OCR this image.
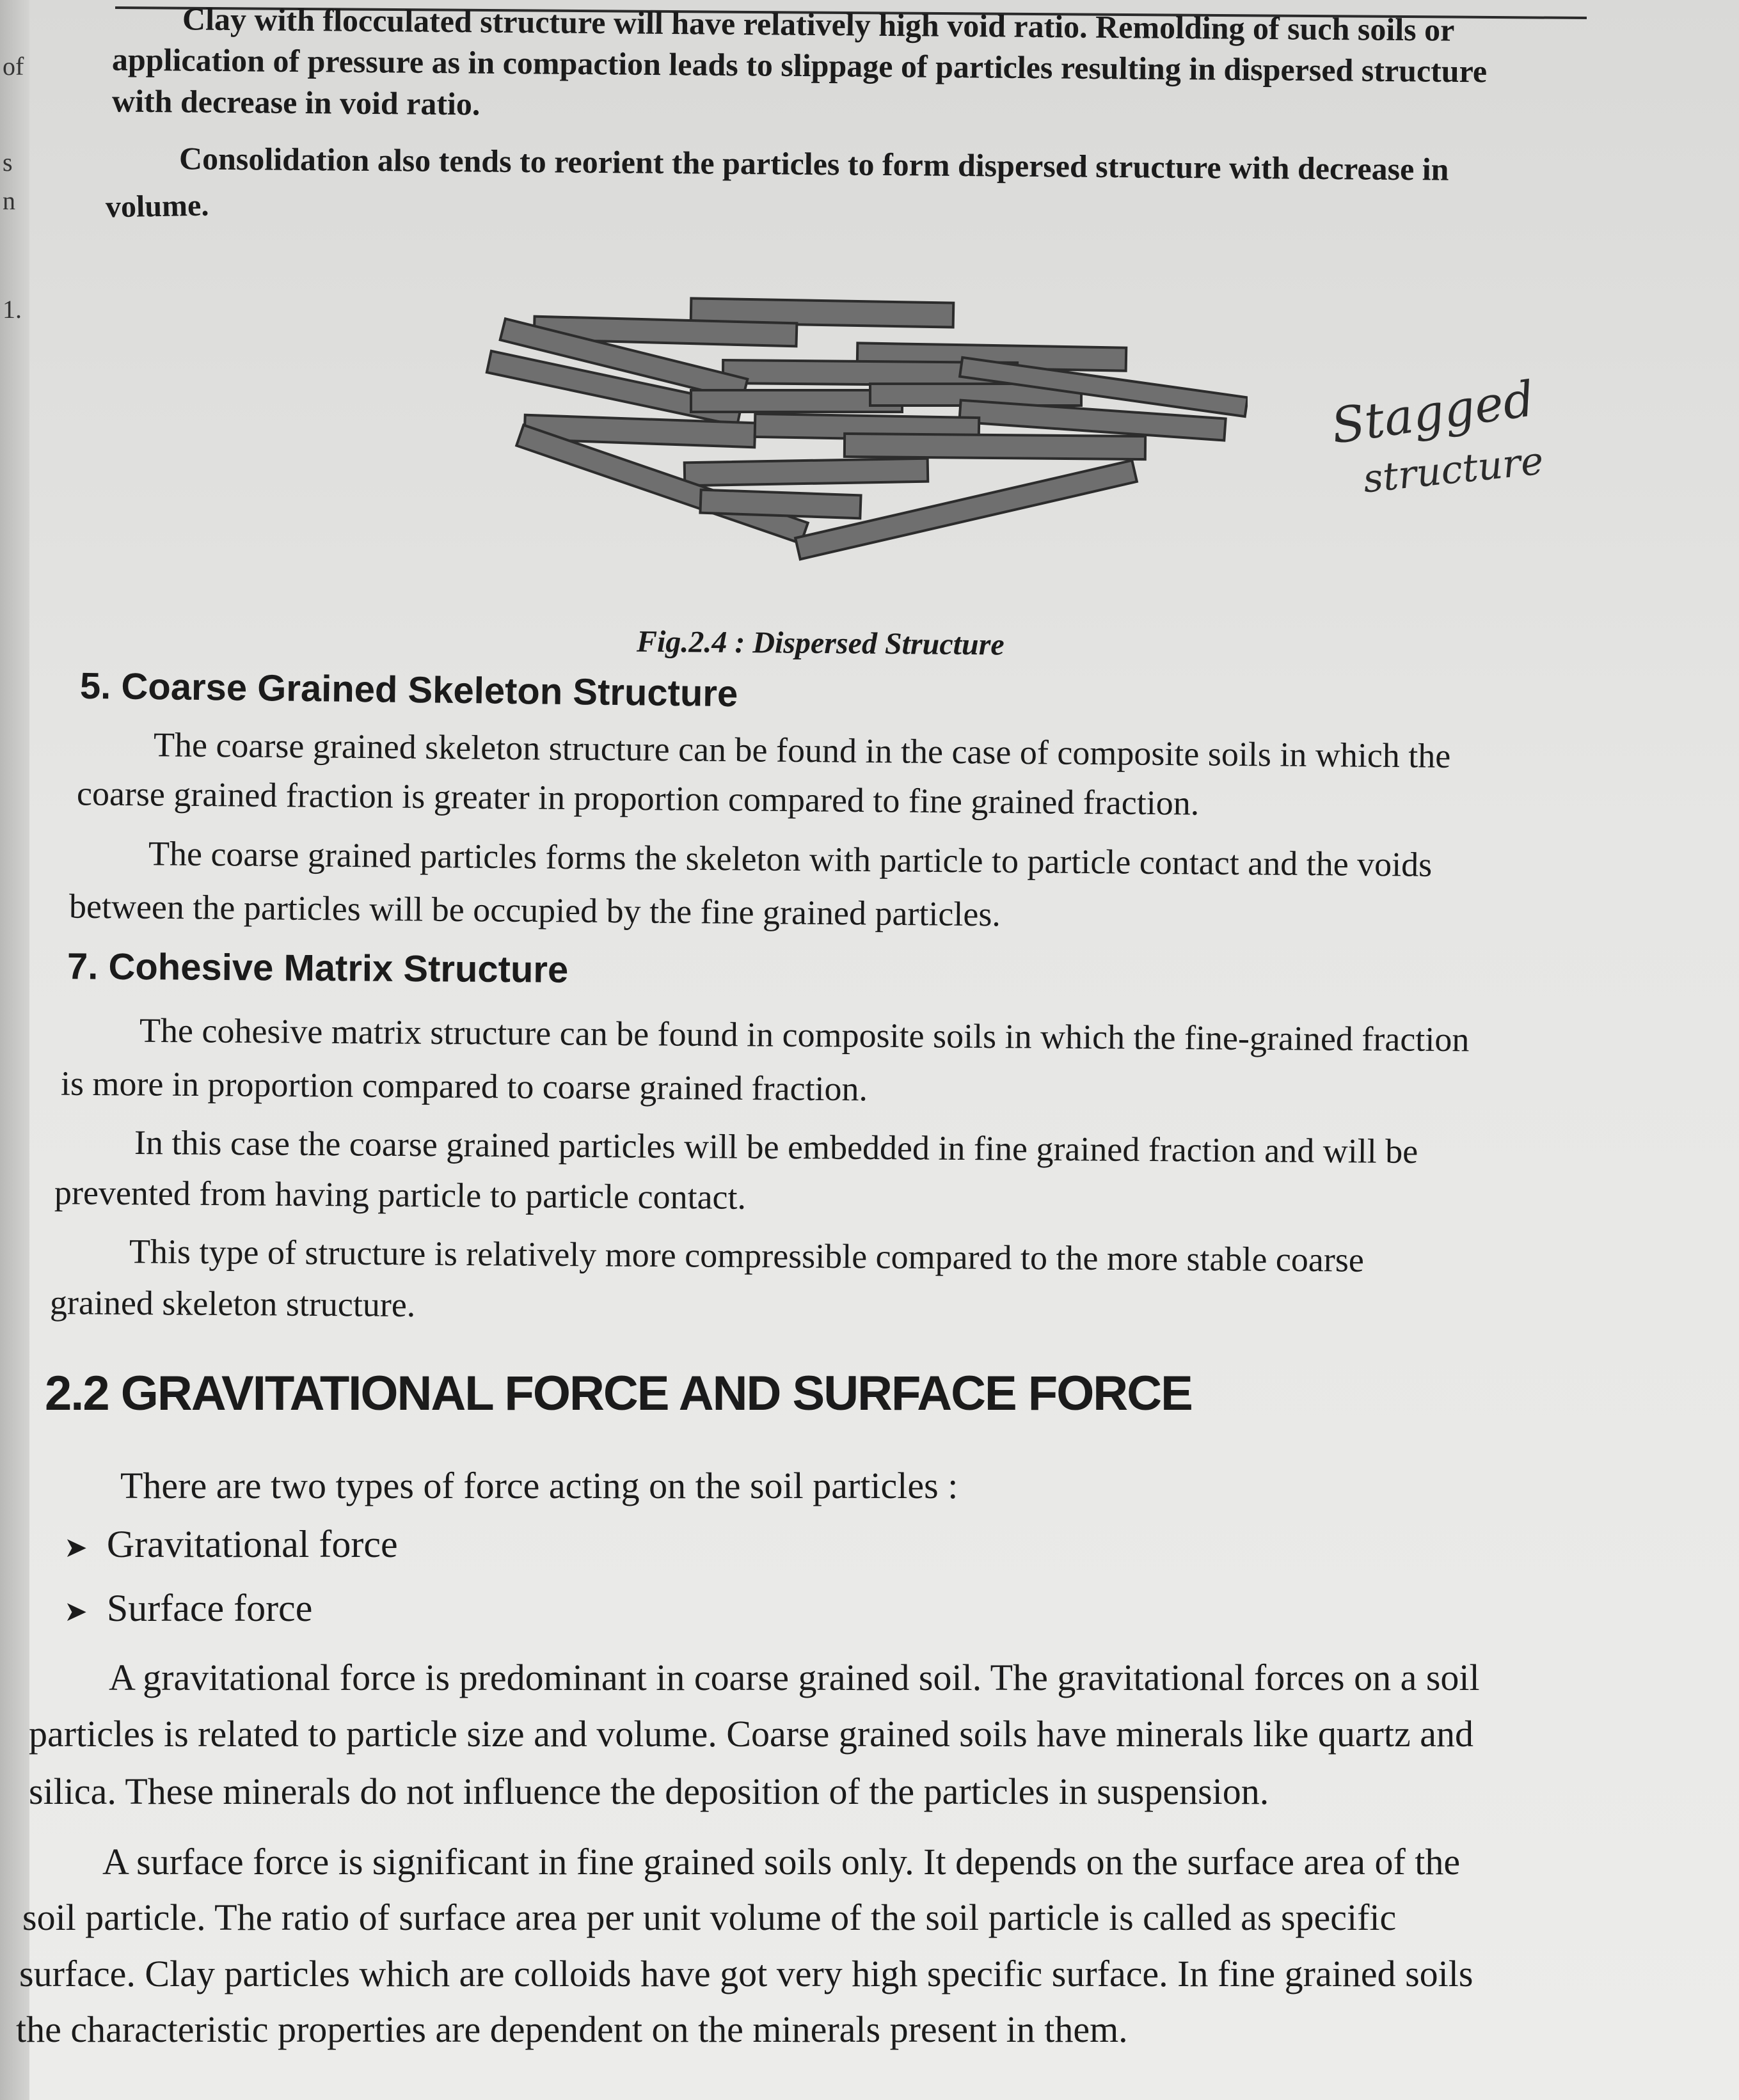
of
s
n
1.

Clay with flocculated structure will have relatively high void ratio. Remolding of such soils or

application of pressure as in compaction leads to slippage of particles resulting in dispersed structure

with decrease in void ratio.

Consolidation also tends to reorient the particles to form dispersed structure with decrease in

volume.

Stagged
structure

Fig.2.4 : Dispersed Structure

5. Coarse Grained Skeleton Structure

The coarse grained skeleton structure can be found in the case of composite soils in which the

coarse grained fraction is greater in proportion compared to fine grained fraction.

The coarse grained particles forms the skeleton with particle to particle contact and the voids

between the particles will be occupied by the fine grained particles.

7. Cohesive Matrix Structure

The cohesive matrix structure can be found in composite soils in which the fine-grained fraction

is more in proportion compared to coarse grained fraction.

In this case the coarse grained particles will be embedded in fine grained fraction and will be

prevented from having particle to particle contact.

This type of structure is relatively more compressible compared to the more stable coarse

grained skeleton structure.

2.2 GRAVITATIONAL FORCE AND SURFACE FORCE

There are two types of force acting on the soil particles :

➤ Gravitational force

➤ Surface force

A gravitational force is predominant in coarse grained soil. The gravitational forces on a soil

particles is related to particle size and volume. Coarse grained soils have minerals like quartz and

silica. These minerals do not influence the deposition of the particles in suspension.

A surface force is significant in fine grained soils only. It depends on the surface area of the

soil particle. The ratio of surface area per unit volume of the soil particle is called as specific

surface. Clay particles which are colloids have got very high specific surface. In fine grained soils

the characteristic properties are dependent on the minerals present in them.
